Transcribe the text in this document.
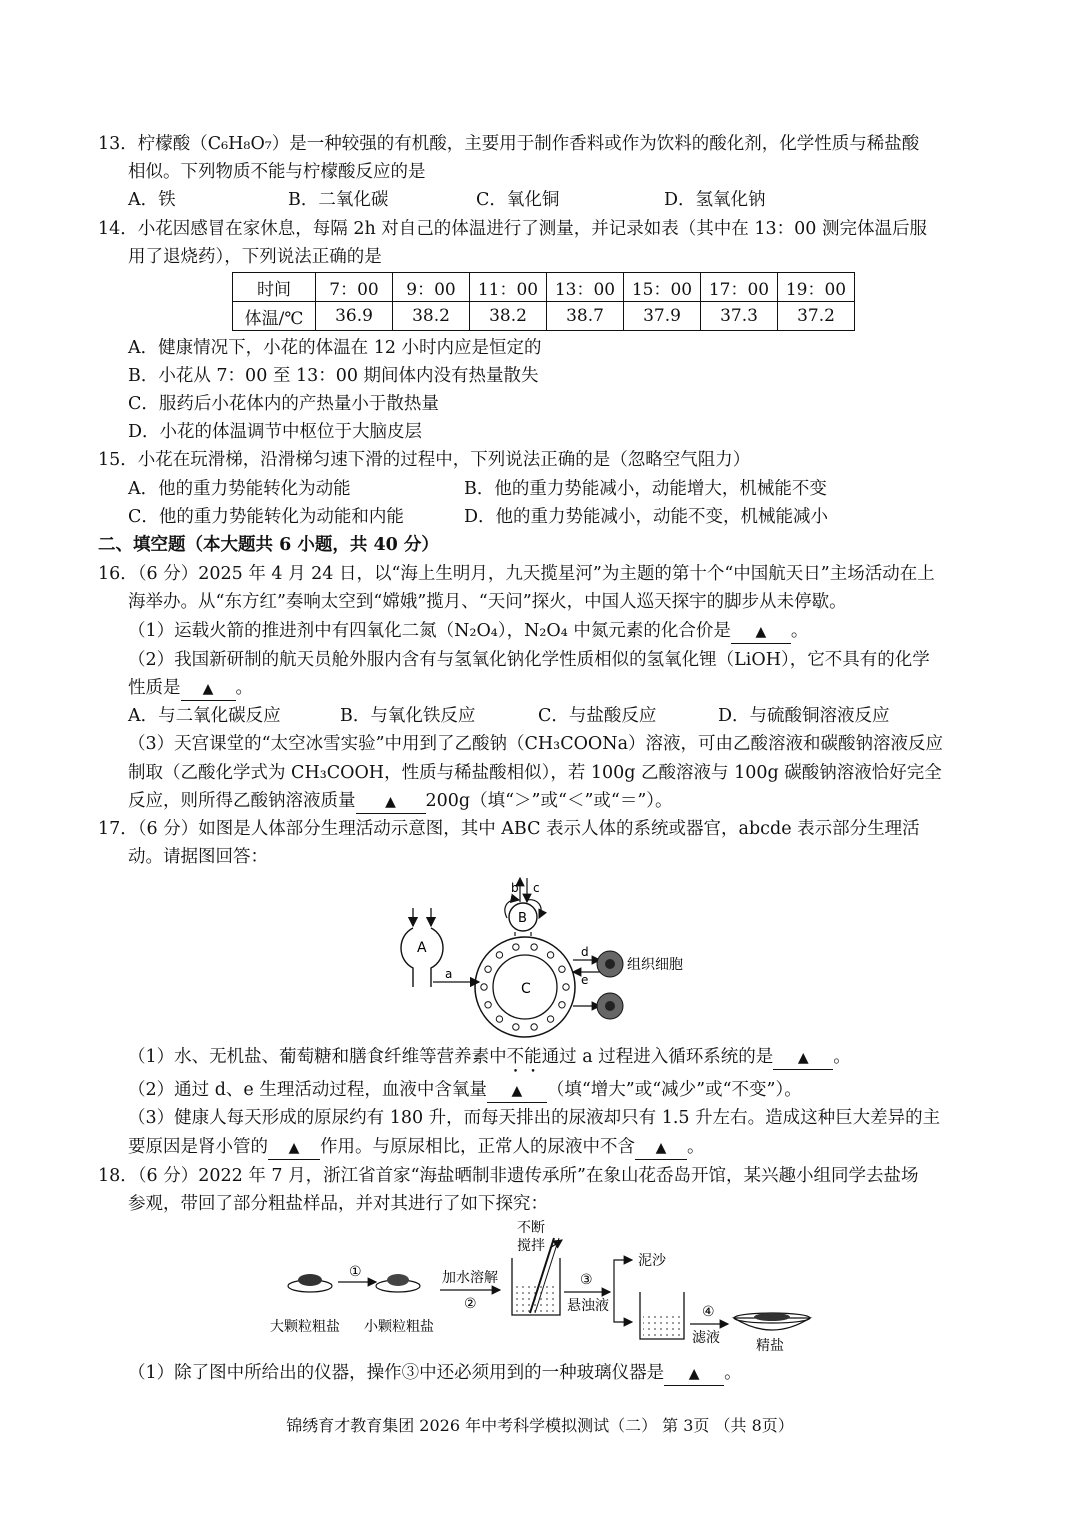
13．柠檬酸（C₆H₈O₇）是一种较强的有机酸，主要用于制作香料或作为饮料的酸化剂，化学性质与稀盐酸
相似。下列物质不能与柠檬酸反应的是
A．铁	B．二氧化碳	C．氧化铜	D．氢氧化钠
14．小花因感冒在家休息，每隔 2h 对自己的体温进行了测量，并记录如表（其中在 13：00 测完体温后服
用了退烧药），下列说法正确的是
时间	7：00	9：00	11：00	13：00	15：00	17：00	19：00
体温/℃	36.9	38.2	38.2	38.7	37.9	37.3	37.2
A．健康情况下，小花的体温在 12 小时内应是恒定的
B．小花从 7：00 至 13：00 期间体内没有热量散失
C．服药后小花体内的产热量小于散热量
D．小花的体温调节中枢位于大脑皮层
15．小花在玩滑梯，沿滑梯匀速下滑的过程中，下列说法正确的是（忽略空气阻力）
A．他的重力势能转化为动能	B．他的重力势能减小，动能增大，机械能不变
C．他的重力势能转化为动能和内能	D．他的重力势能减小，动能不变，机械能减小
二、填空题（本大题共 6 小题，共 40 分）
16．（6 分）2025 年 4 月 24 日，以“海上生明月，九天揽星河”为主题的第十个“中国航天日”主场活动在上
海举办。从“东方红”奏响太空到“嫦娥”揽月、“天问”探火，中国人巡天探宇的脚步从未停歇。
（1）运载火箭的推进剂中有四氧化二氮（N₂O₄），N₂O₄ 中氮元素的化合价是 ▲ 。
（2）我国新研制的航天员舱外服内含有与氢氧化钠化学性质相似的氢氧化锂（LiOH），它不具有的化学
性质是 ▲ 。
A．与二氧化碳反应	B．与氧化铁反应	C．与盐酸反应	D．与硫酸铜溶液反应
（3）天宫课堂的“太空冰雪实验”中用到了乙酸钠（CH₃COONa）溶液，可由乙酸溶液和碳酸钠溶液反应
制取（乙酸化学式为 CH₃COOH，性质与稀盐酸相似），若 100g 乙酸溶液与 100g 碳酸钠溶液恰好完全
反应，则所得乙酸钠溶液质量 ▲ 200g（填“＞”或“＜”或“＝”）。
17．（6 分）如图是人体部分生理活动示意图，其中 ABC 表示人体的系统或器官，abcde 表示部分生理活
动。请据图回答：
A
a
C
B
b c
d
e
组织细胞
（1）水、无机盐、葡萄糖和膳食纤维等营养素中不能通过 a 过程进入循环系统的是 ▲ 。
（2）通过 d、e 生理活动过程，血液中含氧量 ▲ （填“增大”或“减少”或“不变”）。
（3）健康人每天形成的原尿约有 180 升，而每天排出的尿液却只有 1.5 升左右。造成这种巨大差异的主
要原因是肾小管的 ▲ 作用。与原尿相比，正常人的尿液中不含 ▲ 。
18．（6 分）2022 年 7 月，浙江省首家“海盐晒制非遗传承所”在象山花岙岛开馆，某兴趣小组同学去盐场
参观，带回了部分粗盐样品，并对其进行了如下探究：
大颗粒粗盐
①
小颗粒粗盐
加水溶解
②
不断
搅拌
③
悬浊液
泥沙
④
滤液	精盐
（1）除了图中所给出的仪器，操作③中还必须用到的一种玻璃仪器是 ▲ 。
锦绣育才教育集团 2026 年中考科学模拟测试（二） 第 3页 （共 8页）
